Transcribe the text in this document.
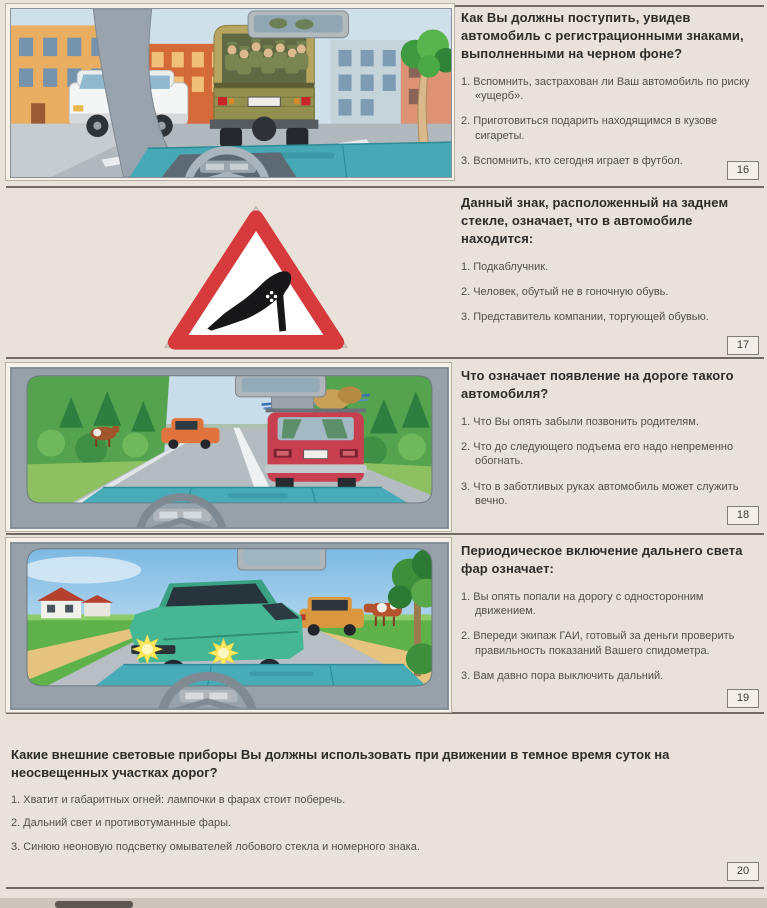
Как Вы должны поступить, увидев автомобиль с регистрационными знаками, выполненными на черном фоне?

1. Вспомнить, застрахован ли Ваш автомобиль по риску «ущерб».

2. Приготовиться подарить находящимся в кузове сигареты.

3. Вспомнить, кто сегодня играет в футбол.

16
Данный знак, расположенный на заднем стекле, означает, что в автомобиле находится:

1. Подкаблучник.

2. Человек, обутый не в гоночную обувь.

3. Представитель компании, торгующей обувью.

17
Что означает появление на дороге такого автомобиля?

1. Что Вы опять забыли позвонить родителям.

2. Что до следующего подъема его надо непременно обогнать.

3. Что в заботливых руках автомобиль может служить вечно.

18
Периодическое включение дальнего света фар означает:

1. Вы опять попали на дорогу с односторонним движением.

2. Впереди экипаж ГАИ, готовый за деньги проверить правильность показаний Вашего спидометра.

3. Вам давно пора выключить дальний.

19
Какие внешние световые приборы Вы должны использовать при движении в темное время суток на неосвещенных участках дорог?

1. Хватит и габаритных огней: лампочки в фарах стоит поберечь.

2. Дальний свет и противотуманные фары.

3. Синюю неоновую подсветку омывателей лобового стекла и номерного знака.

20
